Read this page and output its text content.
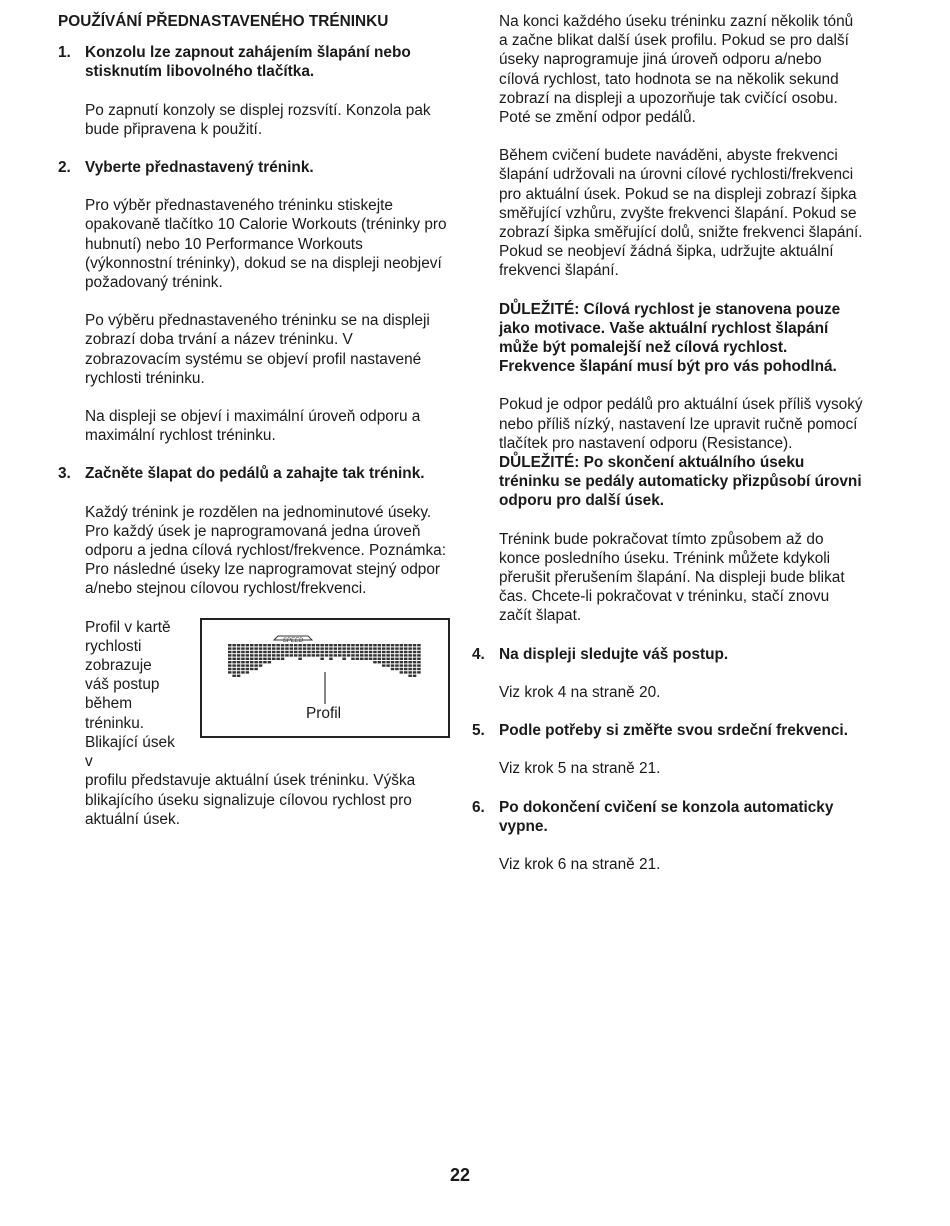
POUŽÍVÁNÍ PŘEDNASTAVENÉHO TRÉNINKU
1. Konzolu lze zapnout zahájením šlapání nebo stisknutím libovolného tlačítka.
Po zapnutí konzoly se displej rozsvítí. Konzola pak bude připravena k použití.
2. Vyberte přednastavený trénink.
Pro výběr přednastaveného tréninku stiskejte opakovaně tlačítko 10 Calorie Workouts (tréninky pro hubnutí) nebo 10 Performance Workouts (výkonnostní tréninky), dokud se na displeji neobjeví požadovaný trénink.
Po výběru přednastaveného tréninku se na displeji zobrazí doba trvání a název tréninku. V zobrazovacím systému se objeví profil nastavené rychlosti tréninku.
Na displeji se objeví i maximální úroveň odporu a maximální rychlost tréninku.
3. Začněte šlapat do pedálů a zahajte tak trénink.
Každý trénink je rozdělen na jednominutové úseky. Pro každý úsek je naprogramovaná jedna úroveň odporu a jedna cílová rychlost/frekvence. Poznámka: Pro následné úseky lze naprogramovat stejný odpor a/nebo stejnou cílovou rychlost/frekvenci.
SPEED
Profil
Profil v kartě rychlosti zobrazuje váš postup během tréninku. Blikající úsek v
profilu představuje aktuální úsek tréninku. Výška blikajícího úseku signalizuje cílovou rychlost pro aktuální úsek.
Na konci každého úseku tréninku zazní několik tónů a začne blikat další úsek profilu. Pokud se pro další úseky naprogramuje jiná úroveň odporu a/nebo cílová rychlost, tato hodnota se na několik sekund zobrazí na displeji a upozorňuje tak cvičící osobu. Poté se změní odpor pedálů.
Během cvičení budete naváděni, abyste frekvenci šlapání udržovali na úrovni cílové rychlosti/frekvenci pro aktuální úsek. Pokud se na displeji zobrazí šipka směřující vzhůru, zvyšte frekvenci šlapání. Pokud se zobrazí šipka směřující dolů, snižte frekvenci šlapání. Pokud se neobjeví žádná šipka, udržujte aktuální frekvenci šlapání.
DŮLEŽITÉ: Cílová rychlost je stanovena pouze jako motivace. Vaše aktuální rychlost šlapání může být pomalejší než cílová rychlost. Frekvence šlapání musí být pro vás pohodlná.
Pokud je odpor pedálů pro aktuální úsek příliš vysoký nebo příliš nízký, nastavení lze upravit ručně pomocí tlačítek pro nastavení odporu (Resistance). DŮLEŽITÉ: Po skončení aktuálního úseku tréninku se pedály automaticky přizpůsobí úrovni odporu pro další úsek.
Trénink bude pokračovat tímto způsobem až do konce posledního úseku. Trénink můžete kdykoli přerušit přerušením šlapání. Na displeji bude blikat čas. Chcete-li pokračovat v tréninku, stačí znovu začít šlapat.
4. Na displeji sledujte váš postup.
Viz krok 4 na straně 20.
5. Podle potřeby si změřte svou srdeční frekvenci.
Viz krok 5 na straně 21.
6. Po dokončení cvičení se konzola automaticky vypne.
Viz krok 6 na straně 21.
22
